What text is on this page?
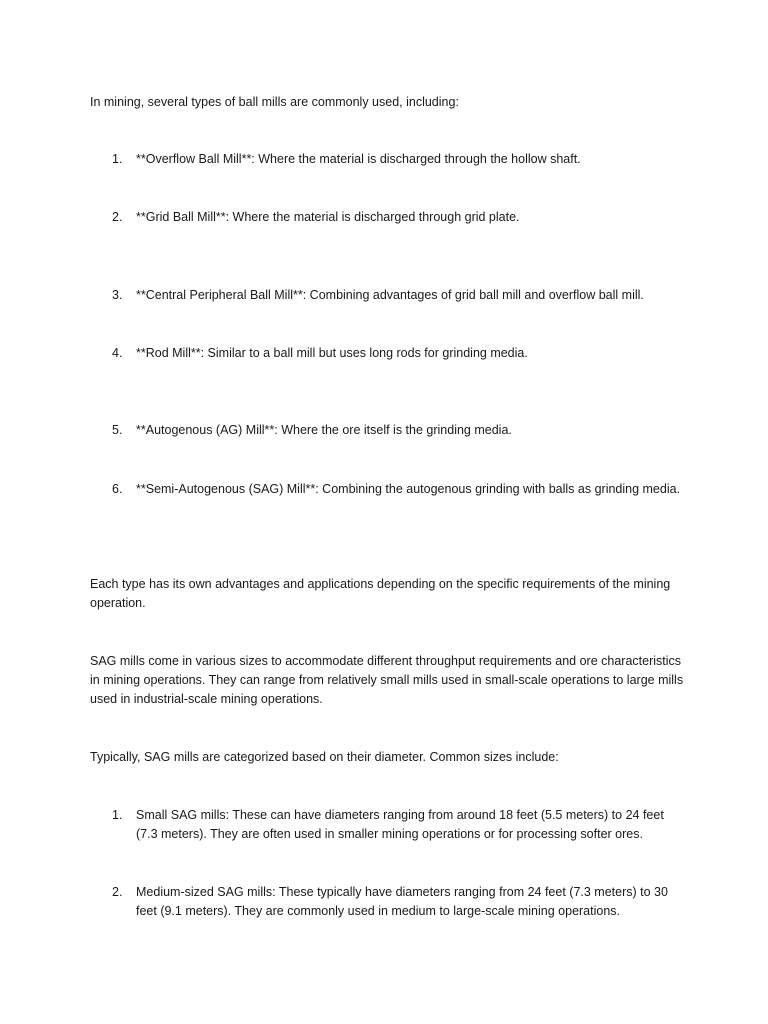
In mining, several types of ball mills are commonly used, including:

1.	**Overflow Ball Mill**: Where the material is discharged through the hollow shaft.
2.	**Grid Ball Mill**: Where the material is discharged through grid plate.
3.	**Central Peripheral Ball Mill**: Combining advantages of grid ball mill and overflow ball mill.
4.	**Rod Mill**: Similar to a ball mill but uses long rods for grinding media.
5.	**Autogenous (AG) Mill**: Where the ore itself is the grinding media.
6.	**Semi-Autogenous (SAG) Mill**: Combining the autogenous grinding with balls as grinding media.

Each type has its own advantages and applications depending on the specific requirements of the mining operation.

SAG mills come in various sizes to accommodate different throughput requirements and ore characteristics in mining operations. They can range from relatively small mills used in small-scale operations to large mills used in industrial-scale mining operations.

Typically, SAG mills are categorized based on their diameter. Common sizes include:

1.	Small SAG mills: These can have diameters ranging from around 18 feet (5.5 meters) to 24 feet (7.3 meters). They are often used in smaller mining operations or for processing softer ores.
2.	Medium-sized SAG mills: These typically have diameters ranging from 24 feet (7.3 meters) to 30 feet (9.1 meters). They are commonly used in medium to large-scale mining operations.
